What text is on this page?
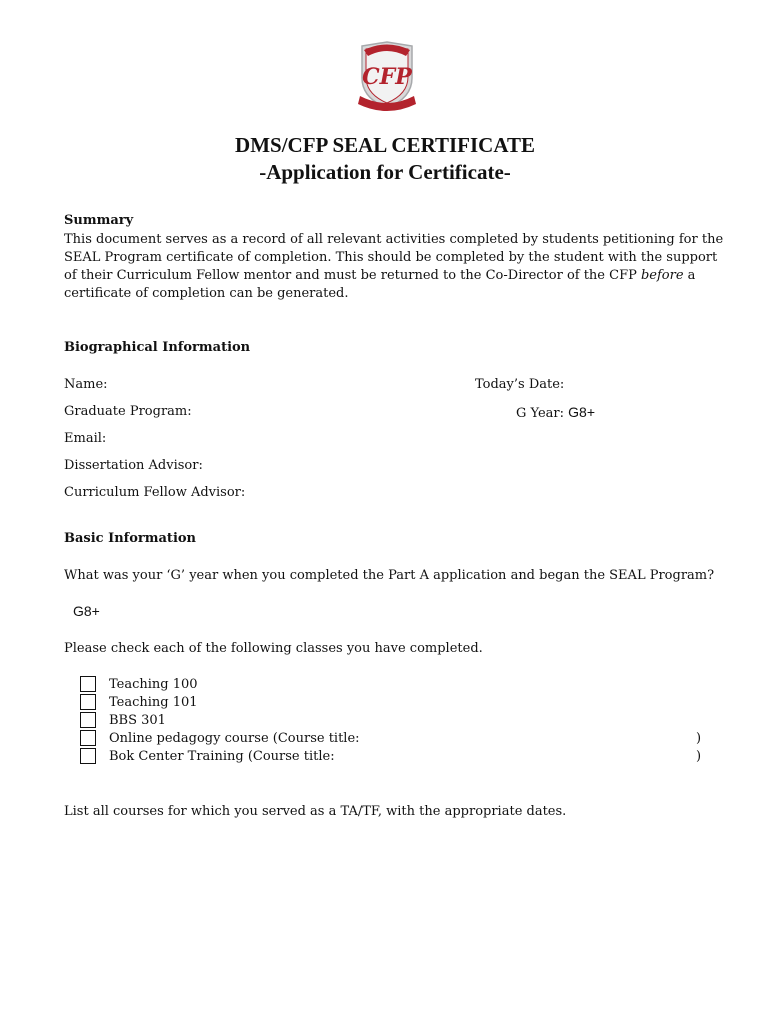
CFP
DMS/CFP SEAL CERTIFICATE
-Application for Certificate-
Summary
This document serves as a record of all relevant activities completed by students petitioning for the
SEAL Program certificate of completion. This should be completed by the student with the support
of their Curriculum Fellow mentor and must be returned to the Co-Director of the CFP before a
certificate of completion can be generated.
Biographical Information
Name:	Today’s Date:
Graduate Program:	G Year: G8+
Email:
Dissertation Advisor:
Curriculum Fellow Advisor:
Basic Information
What was your ‘G’ year when you completed the Part A application and began the SEAL Program?
G8+
Please check each of the following classes you have completed.
Teaching 100
Teaching 101
BBS 301
Online pedagogy course (Course title:	)
Bok Center Training (Course title:	)
List all courses for which you served as a TA/TF, with the appropriate dates.
